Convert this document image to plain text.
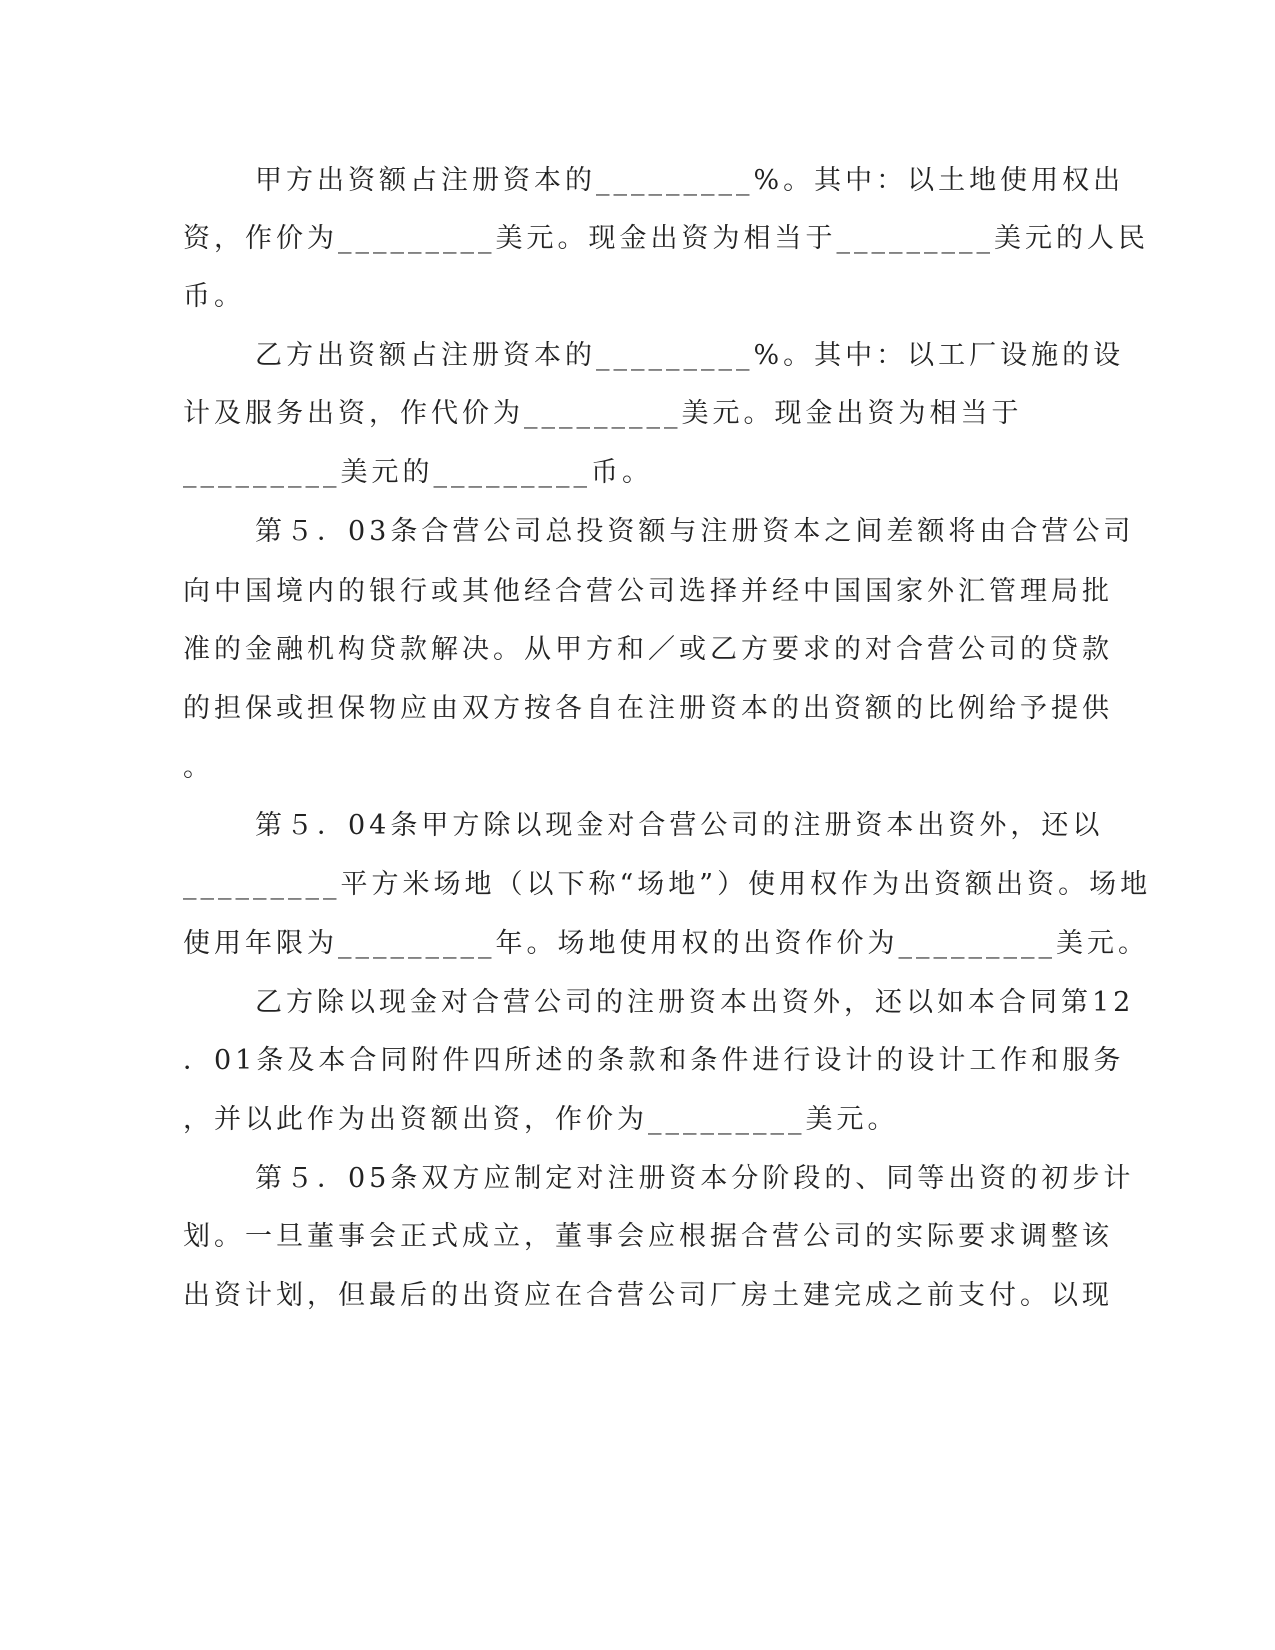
甲方出资额占注册资本的_________%。其中：以土地使用权出
资，作价为_________美元。现金出资为相当于_________美元的人民
币。
乙方出资额占注册资本的_________%。其中：以工厂设施的设
计及服务出资，作代价为_________美元。现金出资为相当于
_________美元的_________币。
第５．03条合营公司总投资额与注册资本之间差额将由合营公司
向中国境内的银行或其他经合营公司选择并经中国国家外汇管理局批
准的金融机构贷款解决。从甲方和／或乙方要求的对合营公司的贷款
的担保或担保物应由双方按各自在注册资本的出资额的比例给予提供
。
第５．04条甲方除以现金对合营公司的注册资本出资外，还以
_________平方米场地（以下称“场地”）使用权作为出资额出资。场地
使用年限为_________年。场地使用权的出资作价为_________美元。
乙方除以现金对合营公司的注册资本出资外，还以如本合同第12
．01条及本合同附件四所述的条款和条件进行设计的设计工作和服务
，并以此作为出资额出资，作价为_________美元。
第５．05条双方应制定对注册资本分阶段的、同等出资的初步计
划。一旦董事会正式成立，董事会应根据合营公司的实际要求调整该
出资计划，但最后的出资应在合营公司厂房土建完成之前支付。以现
